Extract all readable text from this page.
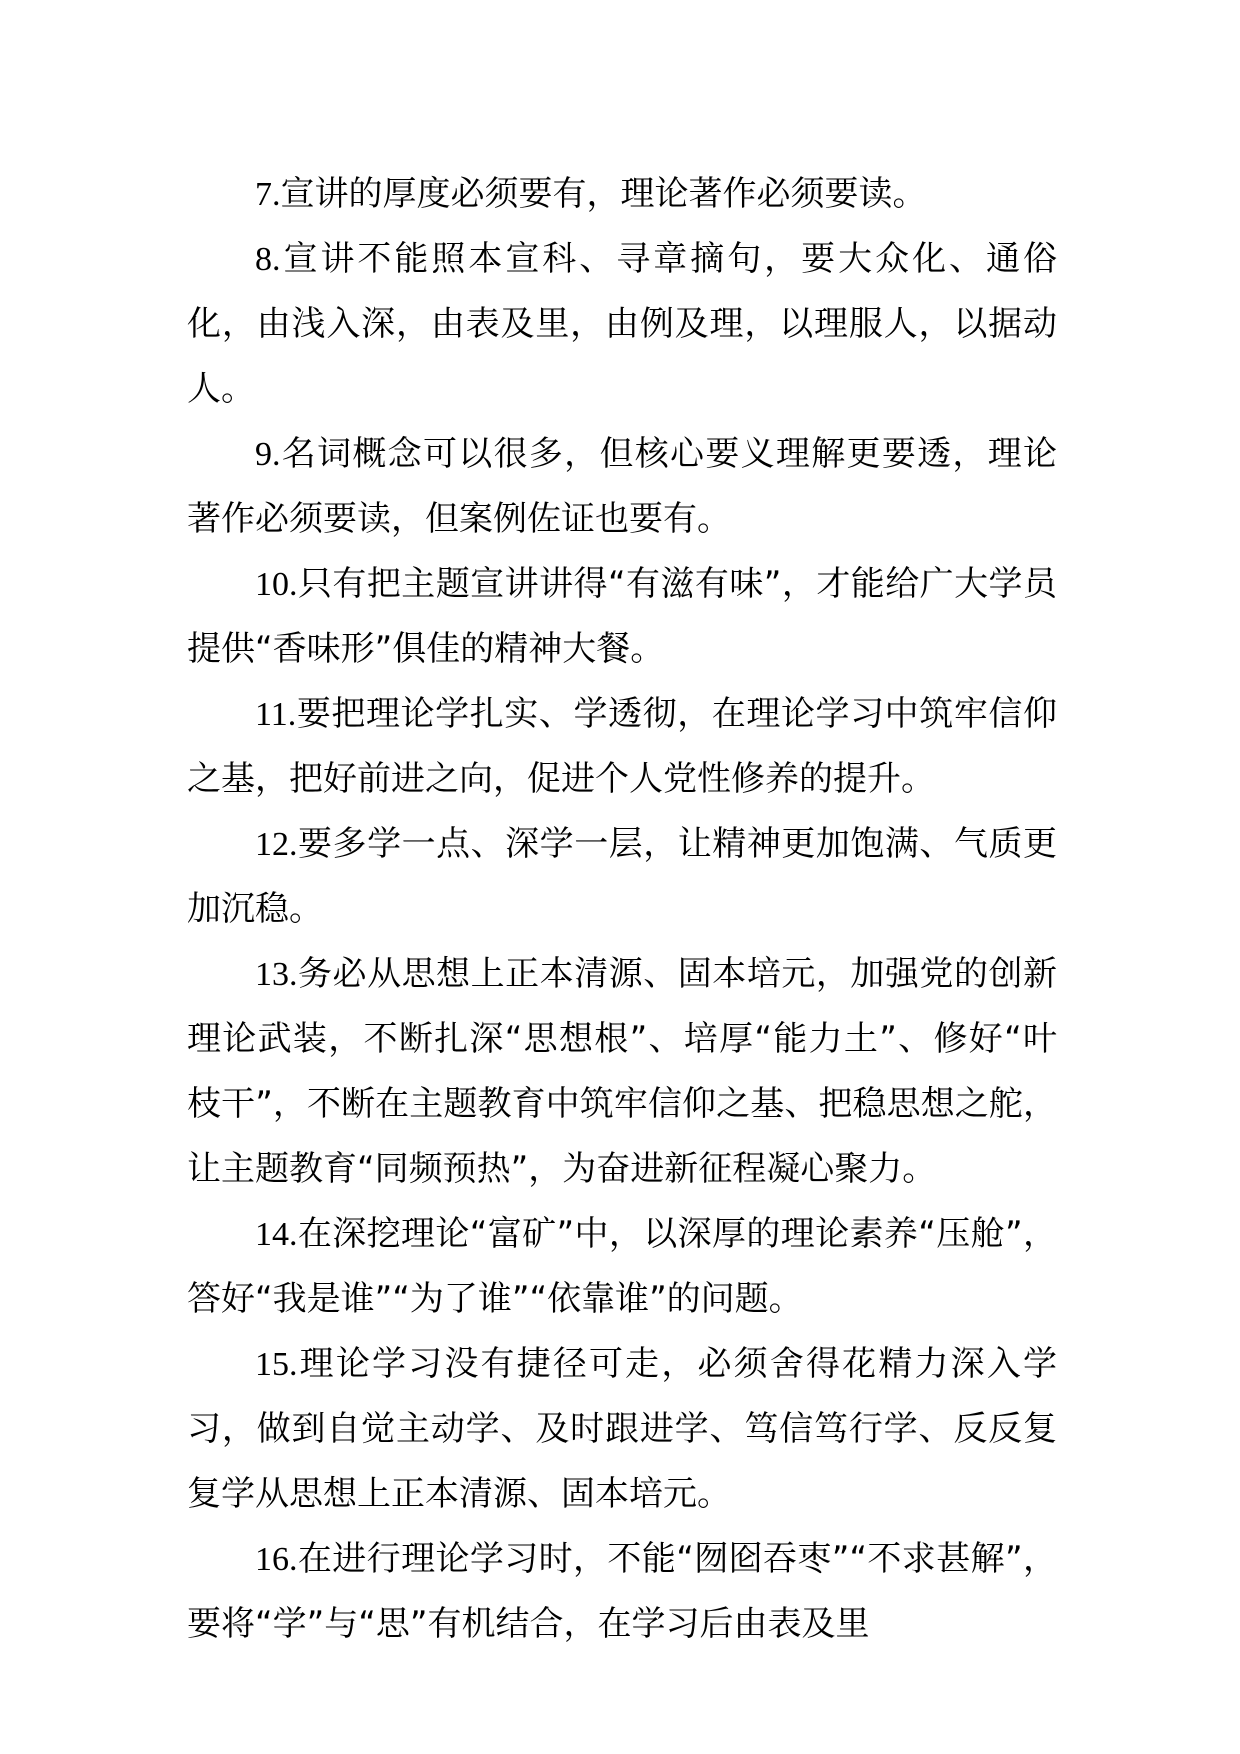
7.宣讲的厚度必须要有，理论著作必须要读。

8.宣讲不能照本宣科、寻章摘句，要大众化、通俗化，由浅入深，由表及里，由例及理，以理服人，以据动人。

9.名词概念可以很多，但核心要义理解更要透，理论著作必须要读，但案例佐证也要有。

10.只有把主题宣讲讲得“有滋有味”，才能给广大学员提供“香味形”俱佳的精神大餐。

11.要把理论学扎实、学透彻，在理论学习中筑牢信仰之基，把好前进之向，促进个人党性修养的提升。

12.要多学一点、深学一层，让精神更加饱满、气质更加沉稳。

13.务必从思想上正本清源、固本培元，加强党的创新理论武装，不断扎深“思想根”、培厚“能力土”、修好“叶枝干”，不断在主题教育中筑牢信仰之基、把稳思想之舵，让主题教育“同频预热”，为奋进新征程凝心聚力。

14.在深挖理论“富矿”中，以深厚的理论素养“压舱”，答好“我是谁”“为了谁”“依靠谁”的问题。

15.理论学习没有捷径可走，必须舍得花精力深入学习，做到自觉主动学、及时跟进学、笃信笃行学、反反复复学从思想上正本清源、固本培元。

16.在进行理论学习时，不能“囫囵吞枣”“不求甚解”，要将“学”与“思”有机结合，在学习后由表及里
